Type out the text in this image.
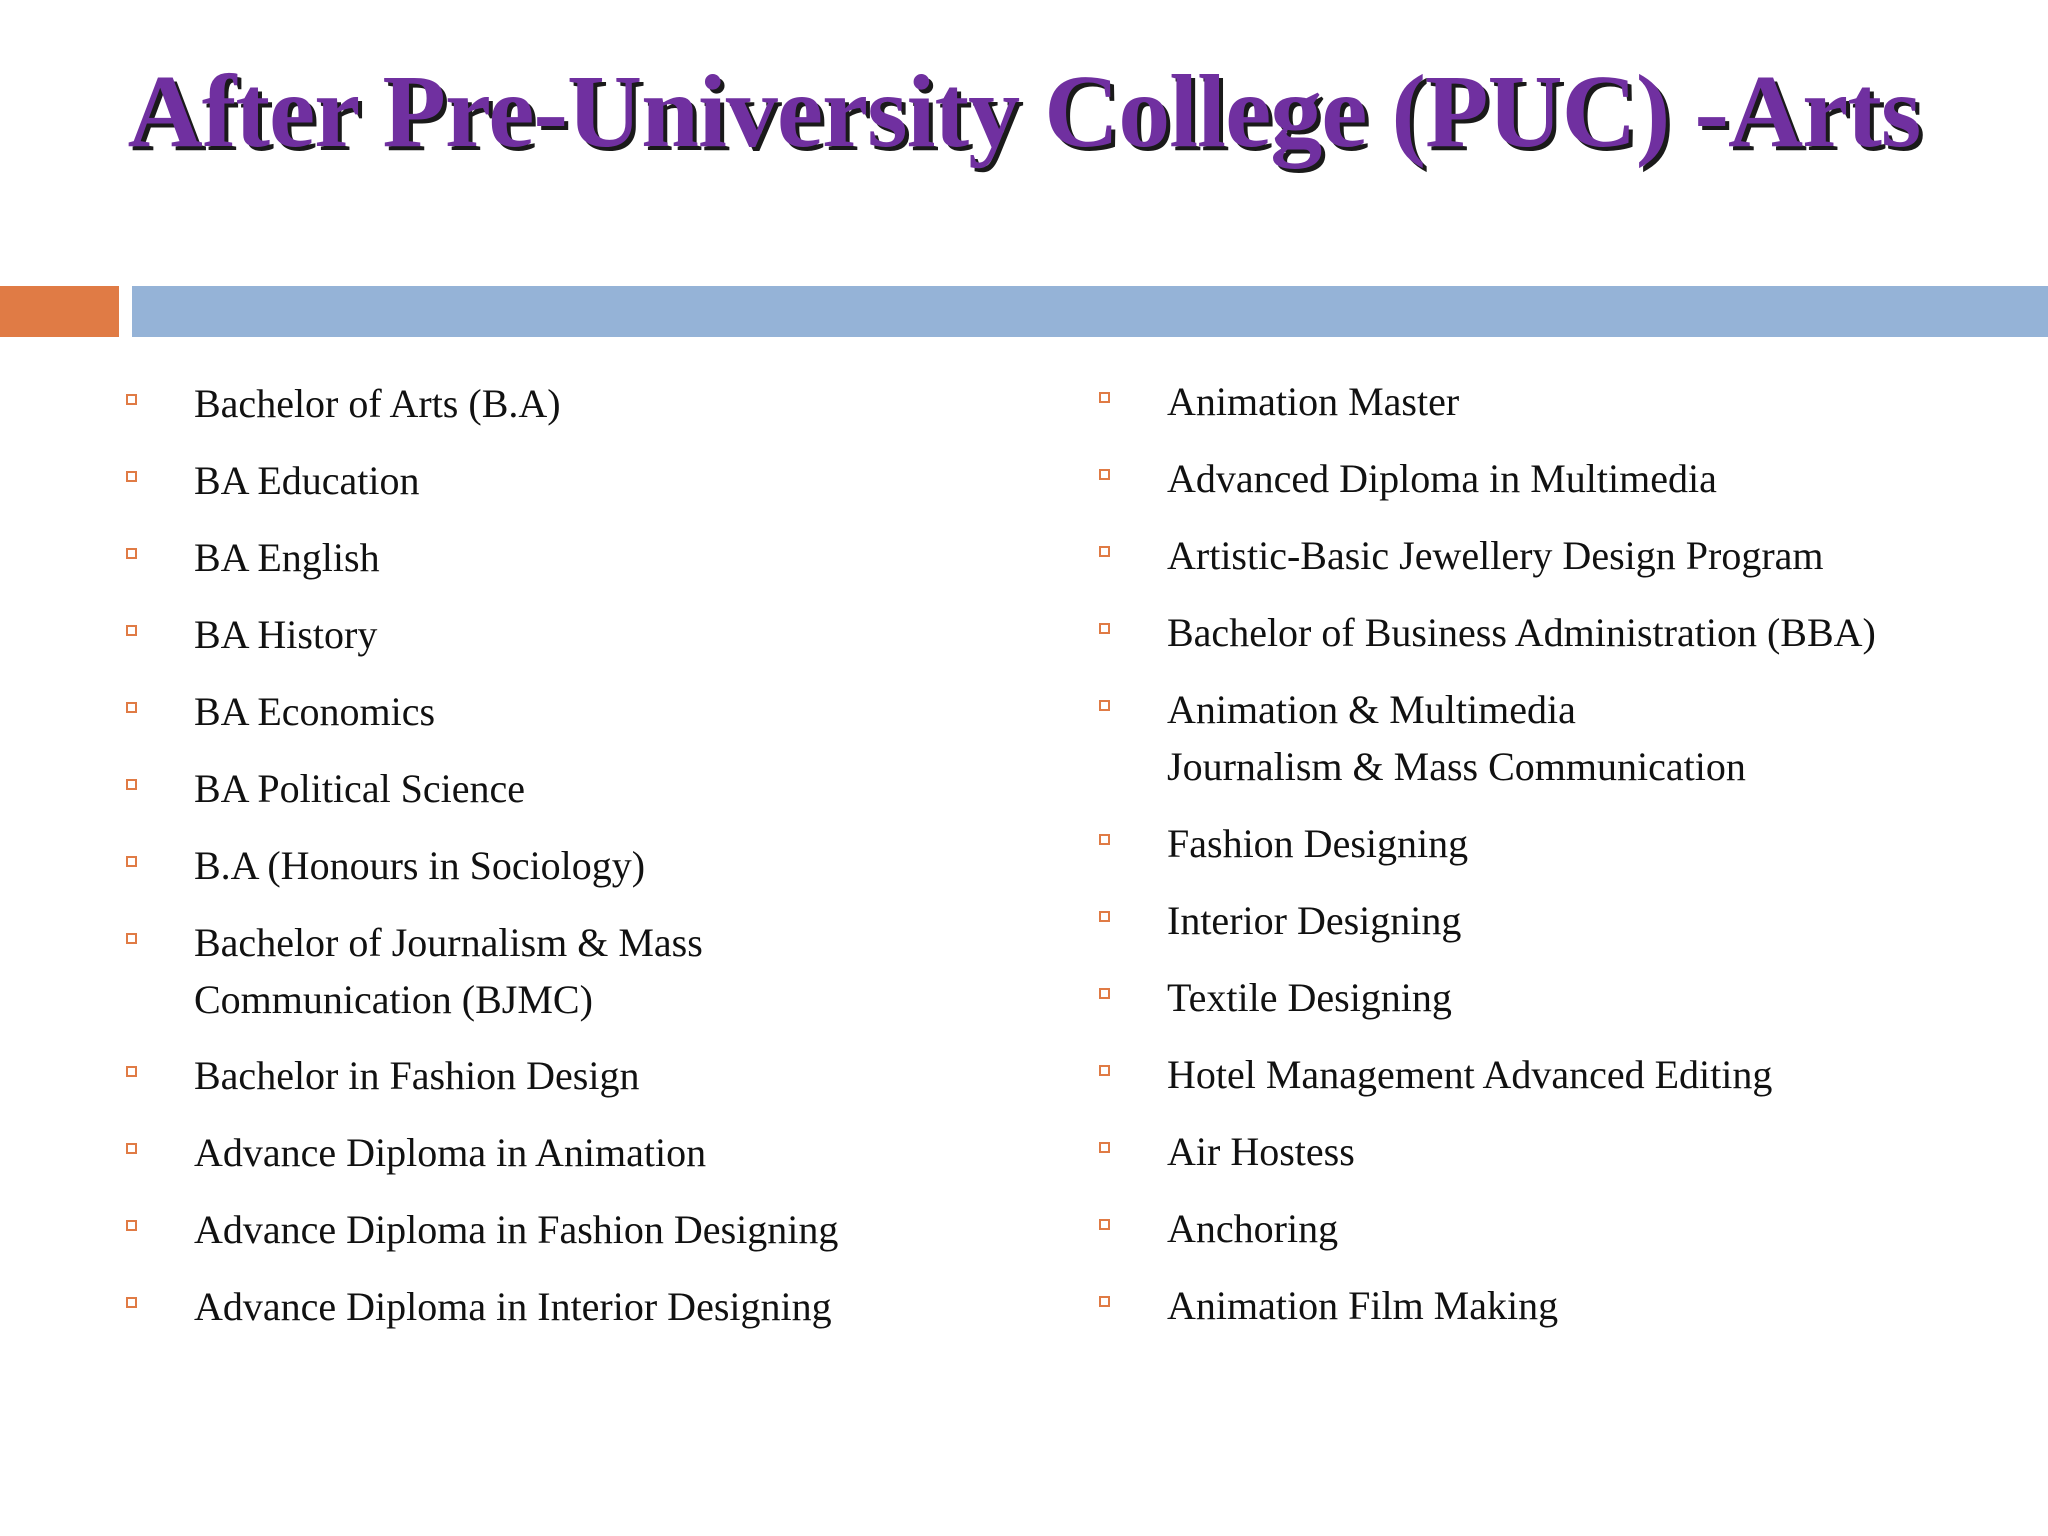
After Pre-University College (PUC) -Arts
Bachelor of Arts (B.A)
BA Education
BA English
BA History
BA Economics
BA Political Science
B.A (Honours in Sociology)
Bachelor of Journalism & Mass
Communication (BJMC)
Bachelor in Fashion Design
Advance Diploma in Animation
Advance Diploma in Fashion Designing
Advance Diploma in Interior Designing
Animation Master
Advanced Diploma in Multimedia
Artistic-Basic Jewellery Design Program
Bachelor of Business Administration (BBA)
Animation & Multimedia
Journalism & Mass Communication
Fashion Designing
Interior Designing
Textile Designing
Hotel Management Advanced Editing
Air Hostess
Anchoring
Animation Film Making
